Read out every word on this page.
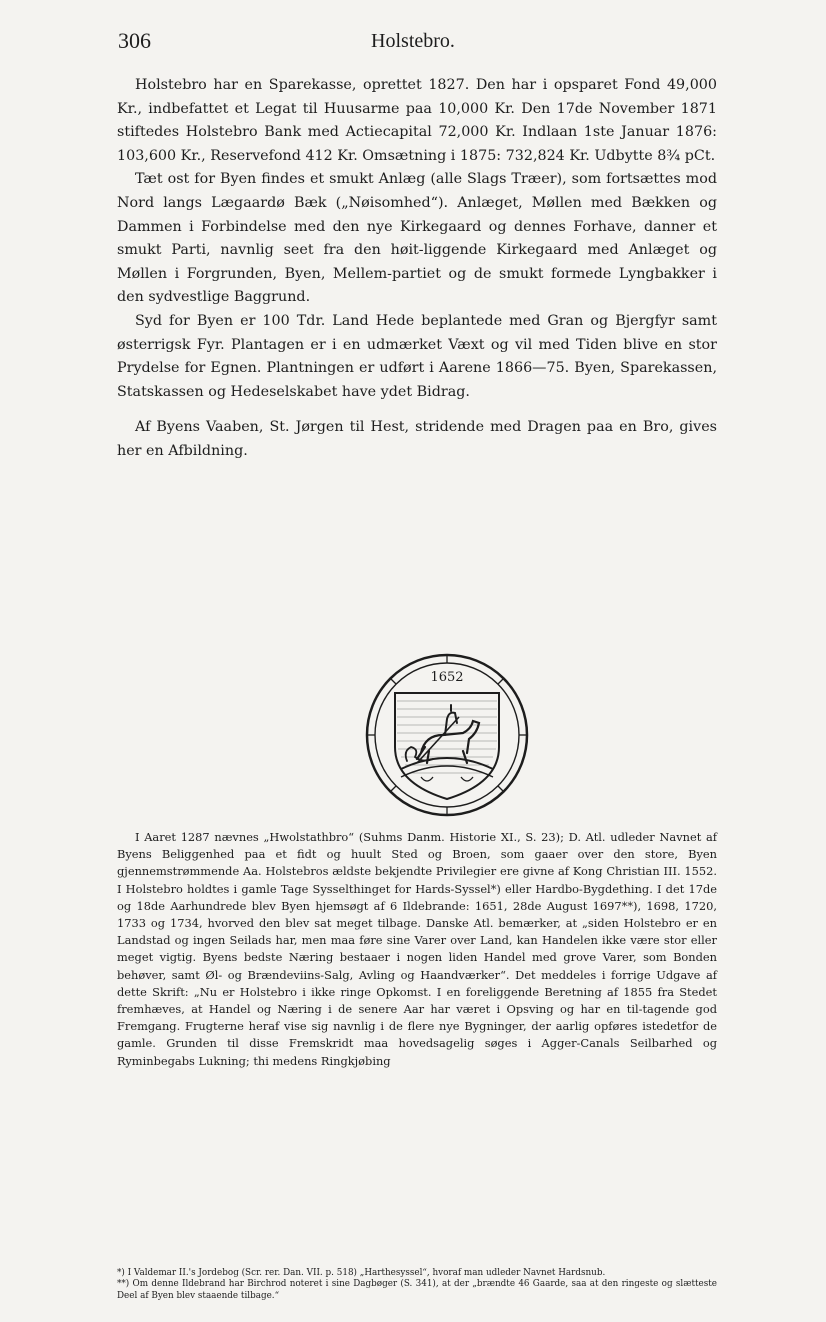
306	Holstebro.

Holstebro har en Sparekasse, oprettet 1827. Den har i opsparet Fond 49,000 Kr., indbefattet et Legat til Huusarme paa 10,000 Kr. Den 17de November 1871 stiftedes Holstebro Bank med Actiecapital 72,000 Kr. Indlaan 1ste Januar 1876: 103,600 Kr., Reservefond 412 Kr. Omsætning i 1875: 732,824 Kr. Udbytte 8¾ pCt.

Tæt ost for Byen findes et smukt Anlæg (alle Slags Træer), som fortsættes mod Nord langs Lægaardø Bæk („Nøisomhed“). Anlæget, Møllen med Bækken og Dammen i Forbindelse med den nye Kirkegaard og dennes Forhave, danner et smukt Parti, navnlig seet fra den høit-liggende Kirkegaard med Anlæget og Møllen i Forgrunden, Byen, Mellem-partiet og de smukt formede Lyngbakker i den sydvestlige Baggrund.

Syd for Byen er 100 Tdr. Land Hede beplantede med Gran og Bjergfyr samt østerrigsk Fyr. Plantagen er i en udmærket Væxt og vil med Tiden blive en stor Prydelse for Egnen. Plantningen er udført i Aarene 1866—75. Byen, Sparekassen, Statskassen og Hedeselskabet have ydet Bidrag.

Af Byens Vaaben, St. Jørgen til Hest, stridende med Dragen paa en Bro, gives her en Afbildning.

1652

I Aaret 1287 nævnes „Hwolstathbro“ (Suhms Danm. Historie XI., S. 23); D. Atl. udleder Navnet af Byens Beliggenhed paa et fidt og huult Sted og Broen, som gaaer over den store, Byen gjennemstrømmende Aa. Holstebros ældste bekjendte Privilegier ere givne af Kong Christian III. 1552. I Holstebro holdtes i gamle Tage Sysselthinget for Hards-Syssel*) eller Hardbo-Bygdething. I det 17de og 18de Aarhundrede blev Byen hjemsøgt af 6 Ildebrande: 1651, 28de August 1697**), 1698, 1720, 1733 og 1734, hvorved den blev sat meget tilbage. Danske Atl. bemærker, at „siden Holstebro er en Landstad og ingen Seilads har, men maa føre sine Varer over Land, kan Handelen ikke være stor eller meget vigtig. Byens bedste Næring bestaaer i nogen liden Handel med grove Varer, som Bonden behøver, samt Øl- og Brændeviins-Salg, Avling og Haandværker“. Det meddeles i forrige Udgave af dette Skrift: „Nu er Holstebro i ikke ringe Opkomst. I en foreliggende Beretning af 1855 fra Stedet fremhæves, at Handel og Næring i de senere Aar har været i Opsving og har en til-tagende god Fremgang. Frugterne heraf vise sig navnlig i de flere nye Bygninger, der aarlig opføres istedetfor de gamle. Grunden til disse Fremskridt maa hovedsagelig søges i Agger-Canals Seilbarhed og Ryminbegabs Lukning; thi medens Ringkjøbing

*) I Valdemar II.'s Jordebog (Scr. rer. Dan. VII. p. 518) „Harthesyssel“, hvoraf man udleder Navnet Hardsnub.

**) Om denne Ildebrand har Birchrod noteret i sine Dagbøger (S. 341), at der „brændte 46 Gaarde, saa at den ringeste og slætteste Deel af Byen blev staaende tilbage.“
